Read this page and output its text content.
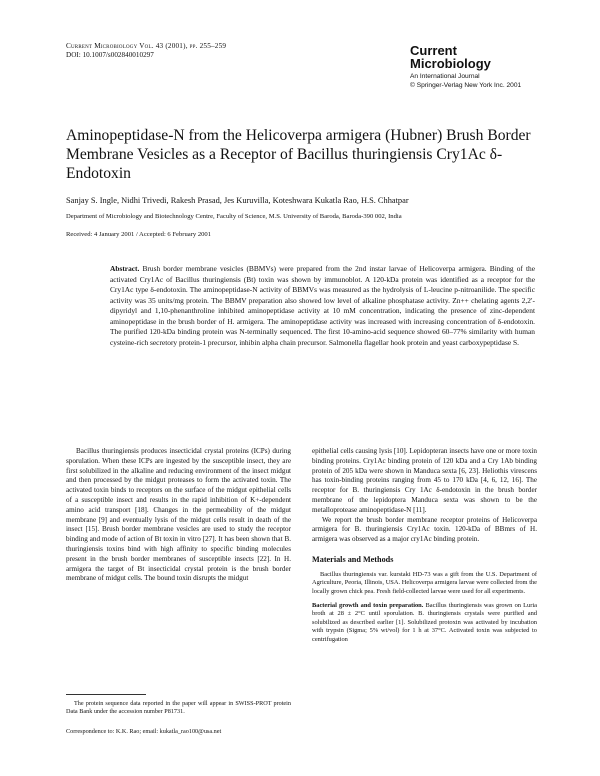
Current Microbiology Vol. 43 (2001), pp. 255–259
DOI: 10.1007/s002840010297	Current
Microbiology
An International Journal
© Springer-Verlag New York Inc. 2001
Aminopeptidase-N from the Helicoverpa armigera (Hubner) Brush Border Membrane Vesicles as a Receptor of Bacillus thuringiensis Cry1Ac δ-Endotoxin
Sanjay S. Ingle, Nidhi Trivedi, Rakesh Prasad, Jes Kuruvilla, Koteshwara Kukatla Rao, H.S. Chhatpar
Department of Microbiology and Biotechnology Centre, Faculty of Science, M.S. University of Baroda, Baroda-390 002, India
Received: 4 January 2001 / Accepted: 6 February 2001
Abstract. Brush border membrane vesicles (BBMVs) were prepared from the 2nd instar larvae of Helicoverpa armigera. Binding of the activated Cry1Ac of Bacillus thuringiensis (Bt) toxin was shown by immunoblot. A 120-kDa protein was identified as a receptor for the Cry1Ac type δ-endotoxin. The aminopeptidase-N activity of BBMVs was measured as the hydrolysis of L-leucine p-nitroanilide. The specific activity was 35 units/mg protein. The BBMV preparation also showed low level of alkaline phosphatase activity. Zn++ chelating agents 2,2′-dipyridyl and 1,10-phenanthroline inhibited aminopeptidase activity at 10 mM concentration, indicating the presence of zinc-dependent aminopeptidase in the brush border of H. armigera. The aminopeptidase activity was increased with increasing concentration of δ-endotoxin. The purified 120-kDa binding protein was N-terminally sequenced. The first 10-amino-acid sequence showed 60–77% similarity with human cysteine-rich secretory protein-1 precursor, inhibin alpha chain precursor. Salmonella flagellar hook protein and yeast carboxypeptidase S.

Bacillus thuringiensis produces insecticidal crystal proteins (ICPs) during sporulation. When these ICPs are ingested by the susceptible insect, they are first solubilized in the alkaline and reducing environment of the insect midgut and then processed by the midgut proteases to form the activated toxin. The activated toxin binds to receptors on the surface of the midgut epithelial cells of a susceptible insect and results in the rapid inhibition of K+-dependent amino acid transport [18]. Changes in the permeability of the midgut membrane [9] and eventually lysis of the midgut cells result in death of the insect [15]. Brush border membrane vesicles are used to study the receptor binding and mode of action of Bt toxin in vitro [27]. It has been shown that B. thuringiensis toxins bind with high affinity to specific binding molecules present in the brush border membranes of susceptible insects [22]. In H. armigera the target of Bt insecticidal crystal protein is the brush border membrane of midgut cells. The bound toxin disrupts the midgut

epithelial cells causing lysis [10]. Lepidopteran insects have one or more toxin binding proteins. Cry1Ac binding protein of 120 kDa and a Cry 1Ab binding protein of 205 kDa were shown in Manduca sexta [6, 23]. Heliothis virescens has toxin-binding proteins ranging from 45 to 170 kDa [4, 6, 12, 16]. The receptor for B. thuringiensis Cry 1Ac δ-endotoxin in the brush border membrane of the lepidoptera Manduca sexta was shown to be the metalloprotease aminopeptidase-N [11].

We report the brush border membrane receptor proteins of Helicoverpa armigera for B. thuringiensis Cry1Ac toxin. 120-kDa of BBmrs of H. armigera was observed as a major cry1Ac binding protein.

Materials and Methods

Bacillus thuringiensis var. kurstaki HD-73 was a gift from the U.S. Department of Agriculture, Peoria, Illinois, USA. Helicoverpa armigera larvae were collected from the locally grown chick pea. Fresh field-collected larvae were used for all experiments.

Bacterial growth and toxin preparation. Bacillus thuringiensis was grown on Luria broth at 28 ± 2°C until sporulation. B. thuringiensis crystals were purified and solubilized as described earlier [1]. Solubilized protoxin was activated by incubation with trypsin (Sigma; 5% wt/vol) for 1 h at 37°C. Activated toxin was subjected to centrifugation

The protein sequence data reported in the paper will appear in SWISS-PROT protein Data Bank under the accession number P81731.
Correspondence to: K.K. Rao; email: kukatla_rao100@usa.net
